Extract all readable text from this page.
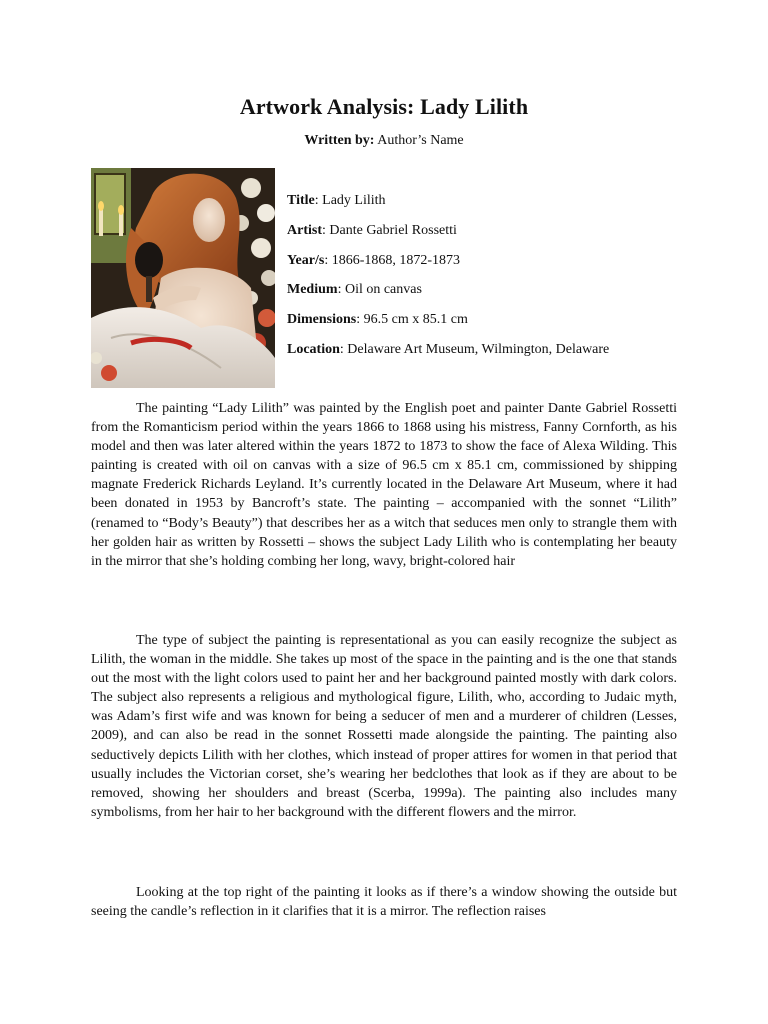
Artwork Analysis: Lady Lilith

Written by: Author’s Name

Title: Lady Lilith
Artist: Dante Gabriel Rossetti
Year/s: 1866-1868, 1872-1873
Medium: Oil on canvas
Dimensions: 96.5 cm x 85.1 cm
Location: Delaware Art Museum, Wilmington, Delaware

The painting “Lady Lilith” was painted by the English poet and painter Dante Gabriel Rossetti from the Romanticism period within the years 1866 to 1868 using his mistress, Fanny Cornforth, as his model and then was later altered within the years 1872 to 1873 to show the face of Alexa Wilding. This painting is created with oil on canvas with a size of 96.5 cm x 85.1 cm, commissioned by shipping magnate Frederick Richards Leyland. It’s currently located in the Delaware Art Museum, where it had been donated in 1953 by Bancroft’s state. The painting – accompanied with the sonnet “Lilith” (renamed to “Body’s Beauty”) that describes her as a witch that seduces men only to strangle them with her golden hair as written by Rossetti – shows the subject Lady Lilith who is contemplating her beauty in the mirror that she’s holding combing her long, wavy, bright-colored hair

The type of subject the painting is representational as you can easily recognize the subject as Lilith, the woman in the middle. She takes up most of the space in the painting and is the one that stands out the most with the light colors used to paint her and her background painted mostly with dark colors. The subject also represents a religious and mythological figure, Lilith, who, according to Judaic myth, was Adam’s first wife and was known for being a seducer of men and a murderer of children (Lesses, 2009), and can also be read in the sonnet Rossetti made alongside the painting. The painting also seductively depicts Lilith with her clothes, which instead of proper attires for women in that period that usually includes the Victorian corset, she’s wearing her bedclothes that look as if they are about to be removed, showing her shoulders and breast (Scerba, 1999a). The painting also includes many symbolisms, from her hair to her background with the different flowers and the mirror.

Looking at the top right of the painting it looks as if there’s a window showing the outside but seeing the candle’s reflection in it clarifies that it is a mirror. The reflection raises
